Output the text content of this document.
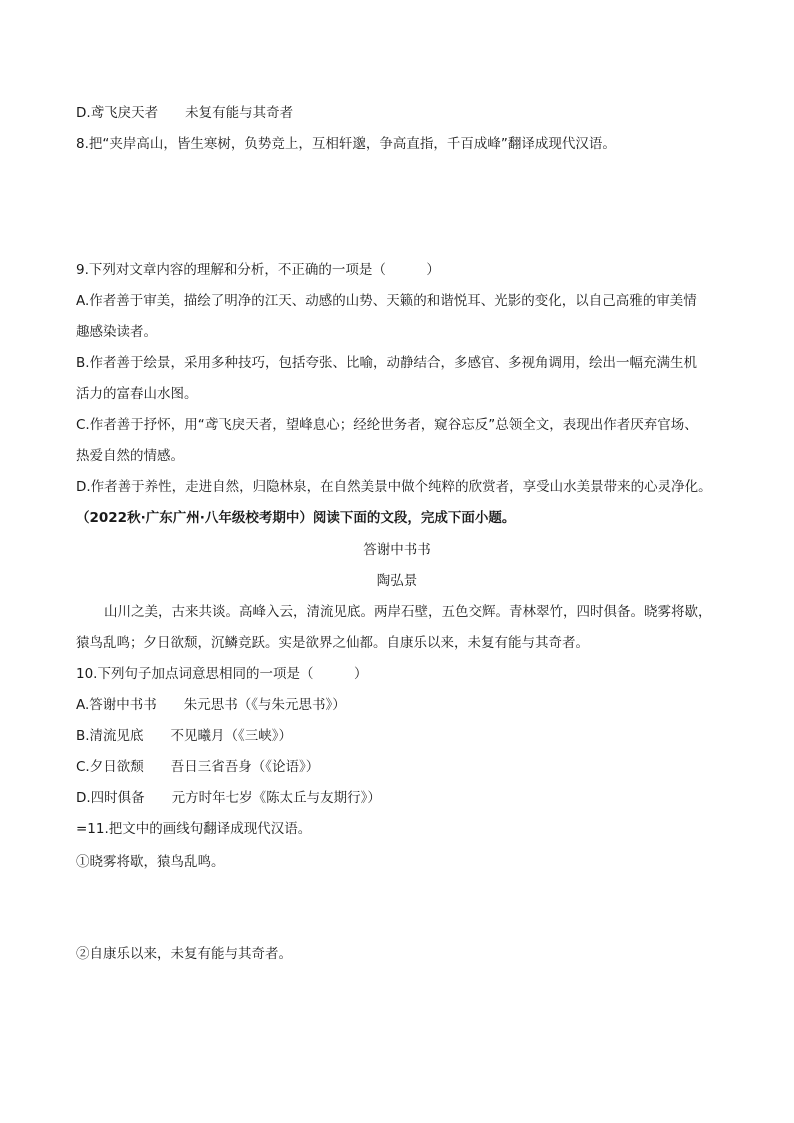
D.鸢飞戾天者　　未复有能与其奇者
8.把“夹岸高山，皆生寒树，负势竞上，互相轩邈，争高直指，千百成峰”翻译成现代汉语。
9.下列对文章内容的理解和分析，不正确的一项是（　　　）
A.作者善于审美，描绘了明净的江天、动感的山势、天籁的和谐悦耳、光影的变化，以自己高雅的审美情
趣感染读者。
B.作者善于绘景，采用多种技巧，包括夸张、比喻，动静结合，多感官、多视角调用，绘出一幅充满生机
活力的富春山水图。
C.作者善于抒怀，用“鸢飞戾天者，望峰息心；经纶世务者，窥谷忘反”总领全文，表现出作者厌弃官场、
热爱自然的情感。
D.作者善于养性，走进自然，归隐林泉，在自然美景中做个纯粹的欣赏者，享受山水美景带来的心灵净化。
（2022秋·广东广州·八年级校考期中）阅读下面的文段，完成下面小题。
答谢中书书
陶弘景
山川之美，古来共谈。高峰入云，清流见底。两岸石壁，五色交辉。青林翠竹，四时俱备。晓雾将歇，
猿鸟乱鸣；夕日欲颓，沉鳞竞跃。实是欲界之仙都。自康乐以来，未复有能与其奇者。
10.下列句子加点词意思相同的一项是（　　　）
A.答谢中书书　　朱元思书（《与朱元思书》）
B.清流见底　　不见曦月（《三峡》）
C.夕日欲颓　　吾日三省吾身（《论语》）
D.四时俱备　　元方时年七岁《陈太丘与友期行》）
=11.把文中的画线句翻译成现代汉语。
①晓雾将歇，猿鸟乱鸣。
②自康乐以来，未复有能与其奇者。
